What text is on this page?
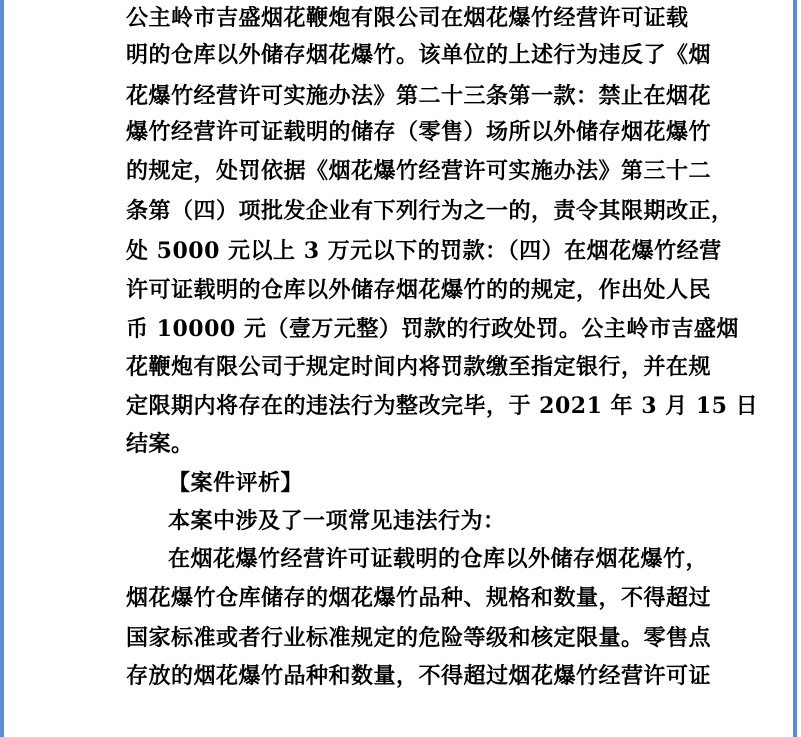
公主岭市吉盛烟花鞭炮有限公司在烟花爆竹经营许可证载
明的仓库以外储存烟花爆竹。该单位的上述行为违反了《烟
花爆竹经营许可实施办法》第二十三条第一款：禁止在烟花
爆竹经营许可证载明的储存（零售）场所以外储存烟花爆竹
的规定，处罚依据《烟花爆竹经营许可实施办法》第三十二
条第（四）项批发企业有下列行为之一的，责令其限期改正，
处 5000 元以上 3 万元以下的罚款：（四）在烟花爆竹经营
许可证载明的仓库以外储存烟花爆竹的的规定，作出处人民
币 10000 元（壹万元整）罚款的行政处罚。公主岭市吉盛烟
花鞭炮有限公司于规定时间内将罚款缴至指定银行，并在规
定限期内将存在的违法行为整改完毕，于 2021 年 3 月 15 日
结案。
【案件评析】
本案中涉及了一项常见违法行为：
在烟花爆竹经营许可证载明的仓库以外储存烟花爆竹，
烟花爆竹仓库储存的烟花爆竹品种、规格和数量，不得超过
国家标准或者行业标准规定的危险等级和核定限量。零售点
存放的烟花爆竹品种和数量，不得超过烟花爆竹经营许可证
